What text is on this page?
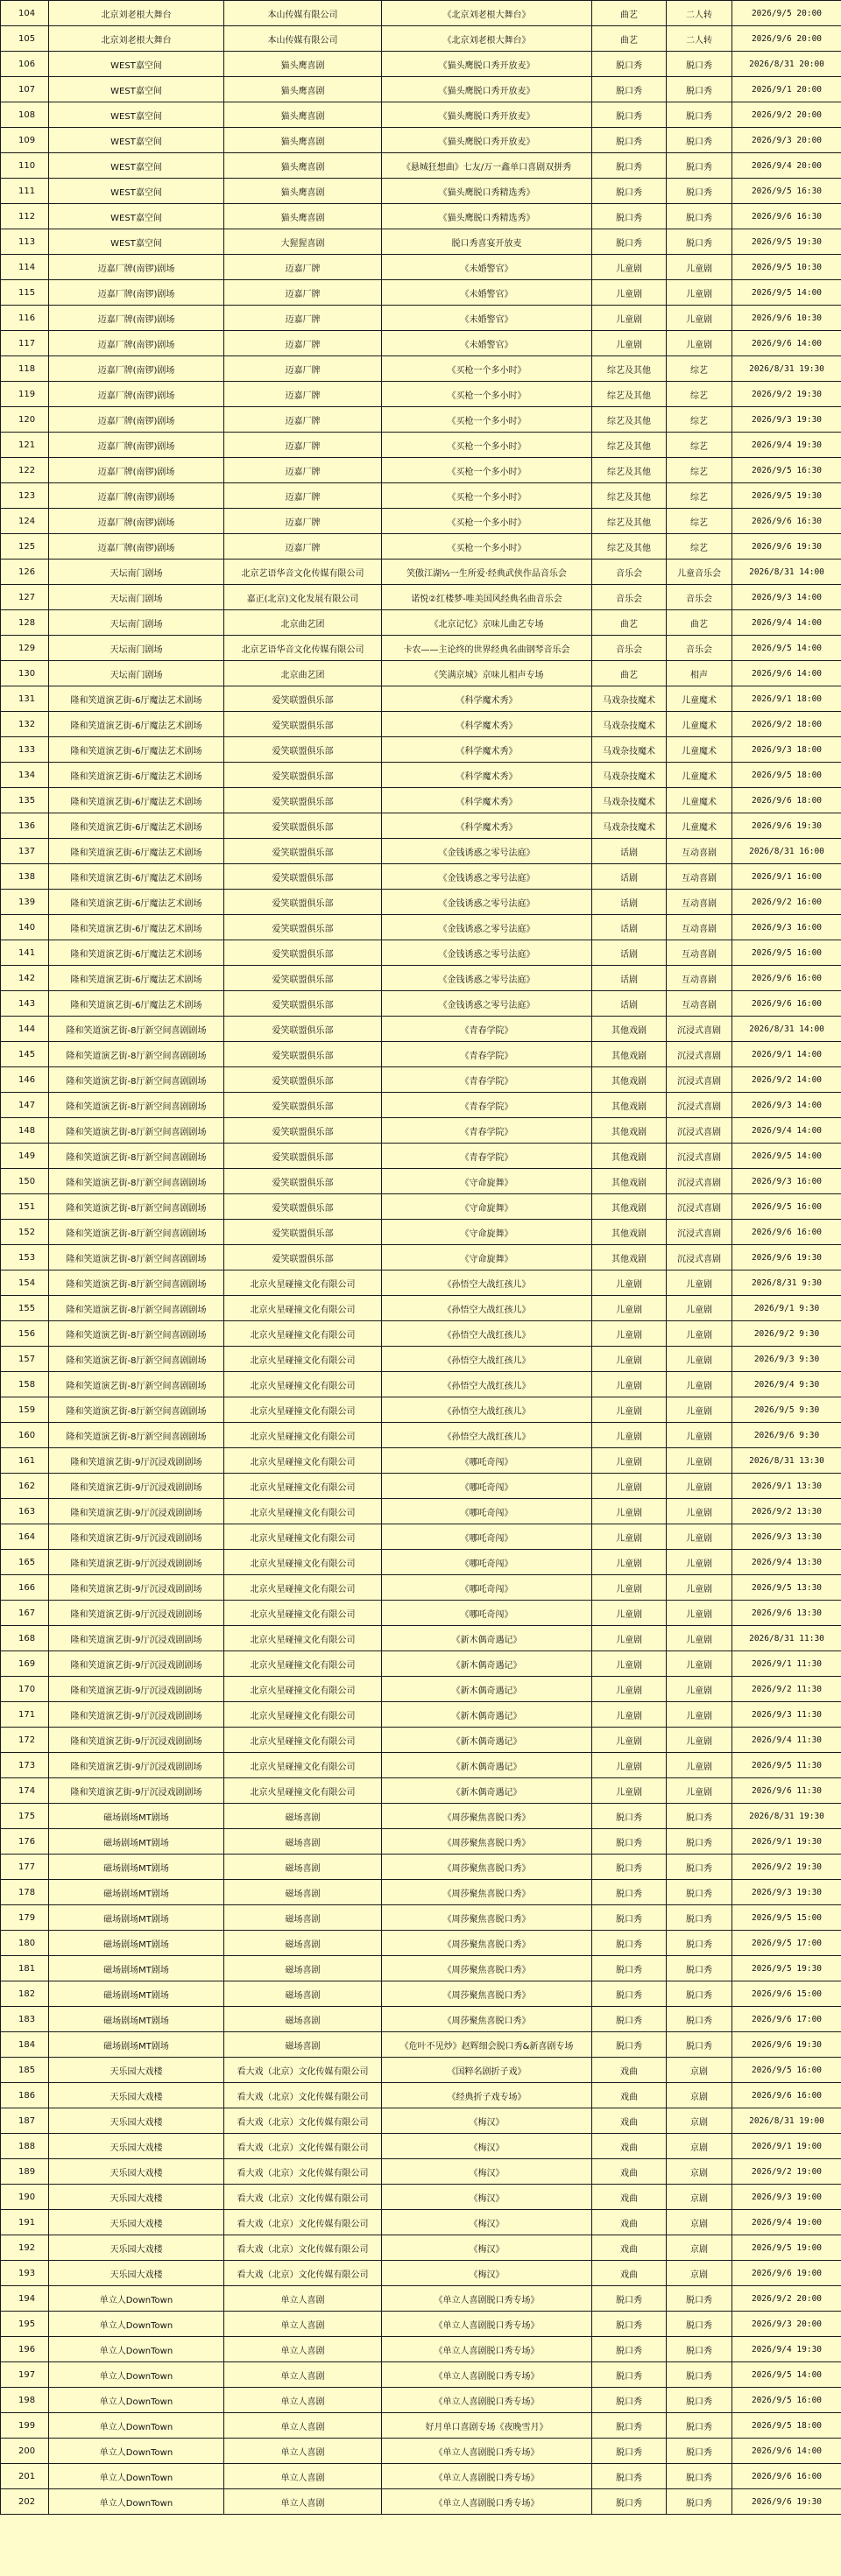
104	北京刘老根大舞台	本山传媒有限公司	《北京刘老根大舞台》	曲艺	二人转	2026/9/5 20:00
105	北京刘老根大舞台	本山传媒有限公司	《北京刘老根大舞台》	曲艺	二人转	2026/9/6 20:00
106	WEST嘉空间	猫头鹰喜剧	《猫头鹰脱口秀开放麦》	脱口秀	脱口秀	2026/8/31 20:00
107	WEST嘉空间	猫头鹰喜剧	《猫头鹰脱口秀开放麦》	脱口秀	脱口秀	2026/9/1 20:00
108	WEST嘉空间	猫头鹰喜剧	《猫头鹰脱口秀开放麦》	脱口秀	脱口秀	2026/9/2 20:00
109	WEST嘉空间	猫头鹰喜剧	《猫头鹰脱口秀开放麦》	脱口秀	脱口秀	2026/9/3 20:00
110	WEST嘉空间	猫头鹰喜剧	《悬城狂想曲》七友/万一鑫单口喜剧双拼秀	脱口秀	脱口秀	2026/9/4 20:00
111	WEST嘉空间	猫头鹰喜剧	《猫头鹰脱口秀精选秀》	脱口秀	脱口秀	2026/9/5 16:30
112	WEST嘉空间	猫头鹰喜剧	《猫头鹰脱口秀精选秀》	脱口秀	脱口秀	2026/9/6 16:30
113	WEST嘉空间	大猩猩喜剧	脱口秀喜宴开放麦	脱口秀	脱口秀	2026/9/5 19:30
114	迈嘉厂牌(南锣)剧场	迈嘉厂牌	《未婚警官》	儿童剧	儿童剧	2026/9/5 10:30
115	迈嘉厂牌(南锣)剧场	迈嘉厂牌	《未婚警官》	儿童剧	儿童剧	2026/9/5 14:00
116	迈嘉厂牌(南锣)剧场	迈嘉厂牌	《未婚警官》	儿童剧	儿童剧	2026/9/6 10:30
117	迈嘉厂牌(南锣)剧场	迈嘉厂牌	《未婚警官》	儿童剧	儿童剧	2026/9/6 14:00
118	迈嘉厂牌(南锣)剧场	迈嘉厂牌	《买枪一个多小时》	综艺及其他	综艺	2026/8/31 19:30
119	迈嘉厂牌(南锣)剧场	迈嘉厂牌	《买枪一个多小时》	综艺及其他	综艺	2026/9/2 19:30
120	迈嘉厂牌(南锣)剧场	迈嘉厂牌	《买枪一个多小时》	综艺及其他	综艺	2026/9/3 19:30
121	迈嘉厂牌(南锣)剧场	迈嘉厂牌	《买枪一个多小时》	综艺及其他	综艺	2026/9/4 19:30
122	迈嘉厂牌(南锣)剧场	迈嘉厂牌	《买枪一个多小时》	综艺及其他	综艺	2026/9/5 16:30
123	迈嘉厂牌(南锣)剧场	迈嘉厂牌	《买枪一个多小时》	综艺及其他	综艺	2026/9/5 19:30
124	迈嘉厂牌(南锣)剧场	迈嘉厂牌	《买枪一个多小时》	综艺及其他	综艺	2026/9/6 16:30
125	迈嘉厂牌(南锣)剧场	迈嘉厂牌	《买枪一个多小时》	综艺及其他	综艺	2026/9/6 19:30
126	天坛南门剧场	北京艺语华音文化传媒有限公司	笑傲江湖½一生所爱·经典武侠作品音乐会	音乐会	儿童音乐会	2026/8/31 14:00
127	天坛南门剧场	嘉正(北京)文化发展有限公司	诺悦②红楼梦-唯美国风经典名曲音乐会	音乐会	音乐会	2026/9/3 14:00
128	天坛南门剧场	北京曲艺团	《北京记忆》京味儿曲艺专场	曲艺	曲艺	2026/9/4 14:00
129	天坛南门剧场	北京艺语华音文化传媒有限公司	卡农——主论终的世界经典名曲钢琴音乐会	音乐会	音乐会	2026/9/5 14:00
130	天坛南门剧场	北京曲艺团	《笑满京城》京味儿相声专场	曲艺	相声	2026/9/6 14:00
131	隆和笑道演艺街-6厅魔法艺术剧场	爱笑联盟俱乐部	《科学魔术秀》	马戏杂技魔术	儿童魔术	2026/9/1 18:00
132	隆和笑道演艺街-6厅魔法艺术剧场	爱笑联盟俱乐部	《科学魔术秀》	马戏杂技魔术	儿童魔术	2026/9/2 18:00
133	隆和笑道演艺街-6厅魔法艺术剧场	爱笑联盟俱乐部	《科学魔术秀》	马戏杂技魔术	儿童魔术	2026/9/3 18:00
134	隆和笑道演艺街-6厅魔法艺术剧场	爱笑联盟俱乐部	《科学魔术秀》	马戏杂技魔术	儿童魔术	2026/9/5 18:00
135	隆和笑道演艺街-6厅魔法艺术剧场	爱笑联盟俱乐部	《科学魔术秀》	马戏杂技魔术	儿童魔术	2026/9/6 18:00
136	隆和笑道演艺街-6厅魔法艺术剧场	爱笑联盟俱乐部	《科学魔术秀》	马戏杂技魔术	儿童魔术	2026/9/6 19:30
137	隆和笑道演艺街-6厅魔法艺术剧场	爱笑联盟俱乐部	《金钱诱惑之零号法庭》	话剧	互动喜剧	2026/8/31 16:00
138	隆和笑道演艺街-6厅魔法艺术剧场	爱笑联盟俱乐部	《金钱诱惑之零号法庭》	话剧	互动喜剧	2026/9/1 16:00
139	隆和笑道演艺街-6厅魔法艺术剧场	爱笑联盟俱乐部	《金钱诱惑之零号法庭》	话剧	互动喜剧	2026/9/2 16:00
140	隆和笑道演艺街-6厅魔法艺术剧场	爱笑联盟俱乐部	《金钱诱惑之零号法庭》	话剧	互动喜剧	2026/9/3 16:00
141	隆和笑道演艺街-6厅魔法艺术剧场	爱笑联盟俱乐部	《金钱诱惑之零号法庭》	话剧	互动喜剧	2026/9/5 16:00
142	隆和笑道演艺街-6厅魔法艺术剧场	爱笑联盟俱乐部	《金钱诱惑之零号法庭》	话剧	互动喜剧	2026/9/6 16:00
143	隆和笑道演艺街-6厅魔法艺术剧场	爱笑联盟俱乐部	《金钱诱惑之零号法庭》	话剧	互动喜剧	2026/9/6 16:00
144	隆和笑道演艺街-8厅新空间喜剧剧场	爱笑联盟俱乐部	《青春学院》	其他戏剧	沉浸式喜剧	2026/8/31 14:00
145	隆和笑道演艺街-8厅新空间喜剧剧场	爱笑联盟俱乐部	《青春学院》	其他戏剧	沉浸式喜剧	2026/9/1 14:00
146	隆和笑道演艺街-8厅新空间喜剧剧场	爱笑联盟俱乐部	《青春学院》	其他戏剧	沉浸式喜剧	2026/9/2 14:00
147	隆和笑道演艺街-8厅新空间喜剧剧场	爱笑联盟俱乐部	《青春学院》	其他戏剧	沉浸式喜剧	2026/9/3 14:00
148	隆和笑道演艺街-8厅新空间喜剧剧场	爱笑联盟俱乐部	《青春学院》	其他戏剧	沉浸式喜剧	2026/9/4 14:00
149	隆和笑道演艺街-8厅新空间喜剧剧场	爱笑联盟俱乐部	《青春学院》	其他戏剧	沉浸式喜剧	2026/9/5 14:00
150	隆和笑道演艺街-8厅新空间喜剧剧场	爱笑联盟俱乐部	《守命旋舞》	其他戏剧	沉浸式喜剧	2026/9/3 16:00
151	隆和笑道演艺街-8厅新空间喜剧剧场	爱笑联盟俱乐部	《守命旋舞》	其他戏剧	沉浸式喜剧	2026/9/5 16:00
152	隆和笑道演艺街-8厅新空间喜剧剧场	爱笑联盟俱乐部	《守命旋舞》	其他戏剧	沉浸式喜剧	2026/9/6 16:00
153	隆和笑道演艺街-8厅新空间喜剧剧场	爱笑联盟俱乐部	《守命旋舞》	其他戏剧	沉浸式喜剧	2026/9/6 19:30
154	隆和笑道演艺街-8厅新空间喜剧剧场	北京火星碰撞文化有限公司	《孙悟空大战红孩儿》	儿童剧	儿童剧	2026/8/31 9:30
155	隆和笑道演艺街-8厅新空间喜剧剧场	北京火星碰撞文化有限公司	《孙悟空大战红孩儿》	儿童剧	儿童剧	2026/9/1 9:30
156	隆和笑道演艺街-8厅新空间喜剧剧场	北京火星碰撞文化有限公司	《孙悟空大战红孩儿》	儿童剧	儿童剧	2026/9/2 9:30
157	隆和笑道演艺街-8厅新空间喜剧剧场	北京火星碰撞文化有限公司	《孙悟空大战红孩儿》	儿童剧	儿童剧	2026/9/3 9:30
158	隆和笑道演艺街-8厅新空间喜剧剧场	北京火星碰撞文化有限公司	《孙悟空大战红孩儿》	儿童剧	儿童剧	2026/9/4 9:30
159	隆和笑道演艺街-8厅新空间喜剧剧场	北京火星碰撞文化有限公司	《孙悟空大战红孩儿》	儿童剧	儿童剧	2026/9/5 9:30
160	隆和笑道演艺街-8厅新空间喜剧剧场	北京火星碰撞文化有限公司	《孙悟空大战红孩儿》	儿童剧	儿童剧	2026/9/6 9:30
161	隆和笑道演艺街-9厅沉浸戏剧剧场	北京火星碰撞文化有限公司	《哪吒奇闯》	儿童剧	儿童剧	2026/8/31 13:30
162	隆和笑道演艺街-9厅沉浸戏剧剧场	北京火星碰撞文化有限公司	《哪吒奇闯》	儿童剧	儿童剧	2026/9/1 13:30
163	隆和笑道演艺街-9厅沉浸戏剧剧场	北京火星碰撞文化有限公司	《哪吒奇闯》	儿童剧	儿童剧	2026/9/2 13:30
164	隆和笑道演艺街-9厅沉浸戏剧剧场	北京火星碰撞文化有限公司	《哪吒奇闯》	儿童剧	儿童剧	2026/9/3 13:30
165	隆和笑道演艺街-9厅沉浸戏剧剧场	北京火星碰撞文化有限公司	《哪吒奇闯》	儿童剧	儿童剧	2026/9/4 13:30
166	隆和笑道演艺街-9厅沉浸戏剧剧场	北京火星碰撞文化有限公司	《哪吒奇闯》	儿童剧	儿童剧	2026/9/5 13:30
167	隆和笑道演艺街-9厅沉浸戏剧剧场	北京火星碰撞文化有限公司	《哪吒奇闯》	儿童剧	儿童剧	2026/9/6 13:30
168	隆和笑道演艺街-9厅沉浸戏剧剧场	北京火星碰撞文化有限公司	《新木偶奇遇记》	儿童剧	儿童剧	2026/8/31 11:30
169	隆和笑道演艺街-9厅沉浸戏剧剧场	北京火星碰撞文化有限公司	《新木偶奇遇记》	儿童剧	儿童剧	2026/9/1 11:30
170	隆和笑道演艺街-9厅沉浸戏剧剧场	北京火星碰撞文化有限公司	《新木偶奇遇记》	儿童剧	儿童剧	2026/9/2 11:30
171	隆和笑道演艺街-9厅沉浸戏剧剧场	北京火星碰撞文化有限公司	《新木偶奇遇记》	儿童剧	儿童剧	2026/9/3 11:30
172	隆和笑道演艺街-9厅沉浸戏剧剧场	北京火星碰撞文化有限公司	《新木偶奇遇记》	儿童剧	儿童剧	2026/9/4 11:30
173	隆和笑道演艺街-9厅沉浸戏剧剧场	北京火星碰撞文化有限公司	《新木偶奇遇记》	儿童剧	儿童剧	2026/9/5 11:30
174	隆和笑道演艺街-9厅沉浸戏剧剧场	北京火星碰撞文化有限公司	《新木偶奇遇记》	儿童剧	儿童剧	2026/9/6 11:30
175	磁场剧场MT剧场	磁场喜剧	《周莎聚焦喜脱口秀》	脱口秀	脱口秀	2026/8/31 19:30
176	磁场剧场MT剧场	磁场喜剧	《周莎聚焦喜脱口秀》	脱口秀	脱口秀	2026/9/1 19:30
177	磁场剧场MT剧场	磁场喜剧	《周莎聚焦喜脱口秀》	脱口秀	脱口秀	2026/9/2 19:30
178	磁场剧场MT剧场	磁场喜剧	《周莎聚焦喜脱口秀》	脱口秀	脱口秀	2026/9/3 19:30
179	磁场剧场MT剧场	磁场喜剧	《周莎聚焦喜脱口秀》	脱口秀	脱口秀	2026/9/5 15:00
180	磁场剧场MT剧场	磁场喜剧	《周莎聚焦喜脱口秀》	脱口秀	脱口秀	2026/9/5 17:00
181	磁场剧场MT剧场	磁场喜剧	《周莎聚焦喜脱口秀》	脱口秀	脱口秀	2026/9/5 19:30
182	磁场剧场MT剧场	磁场喜剧	《周莎聚焦喜脱口秀》	脱口秀	脱口秀	2026/9/6 15:00
183	磁场剧场MT剧场	磁场喜剧	《周莎聚焦喜脱口秀》	脱口秀	脱口秀	2026/9/6 17:00
184	磁场剧场MT剧场	磁场喜剧	《危叶不见炒》赵辉细会脱口秀&新喜剧专场	脱口秀	脱口秀	2026/9/6 19:30
185	天乐园大戏楼	看大戏（北京）文化传媒有限公司	《国粹名剧折子戏》	戏曲	京剧	2026/9/5 16:00
186	天乐园大戏楼	看大戏（北京）文化传媒有限公司	《经典折子戏专场》	戏曲	京剧	2026/9/6 16:00
187	天乐园大戏楼	看大戏（北京）文化传媒有限公司	《梅汉》	戏曲	京剧	2026/8/31 19:00
188	天乐园大戏楼	看大戏（北京）文化传媒有限公司	《梅汉》	戏曲	京剧	2026/9/1 19:00
189	天乐园大戏楼	看大戏（北京）文化传媒有限公司	《梅汉》	戏曲	京剧	2026/9/2 19:00
190	天乐园大戏楼	看大戏（北京）文化传媒有限公司	《梅汉》	戏曲	京剧	2026/9/3 19:00
191	天乐园大戏楼	看大戏（北京）文化传媒有限公司	《梅汉》	戏曲	京剧	2026/9/4 19:00
192	天乐园大戏楼	看大戏（北京）文化传媒有限公司	《梅汉》	戏曲	京剧	2026/9/5 19:00
193	天乐园大戏楼	看大戏（北京）文化传媒有限公司	《梅汉》	戏曲	京剧	2026/9/6 19:00
194	单立人DownTown	单立人喜剧	《单立人喜剧脱口秀专场》	脱口秀	脱口秀	2026/9/2 20:00
195	单立人DownTown	单立人喜剧	《单立人喜剧脱口秀专场》	脱口秀	脱口秀	2026/9/3 20:00
196	单立人DownTown	单立人喜剧	《单立人喜剧脱口秀专场》	脱口秀	脱口秀	2026/9/4 19:30
197	单立人DownTown	单立人喜剧	《单立人喜剧脱口秀专场》	脱口秀	脱口秀	2026/9/5 14:00
198	单立人DownTown	单立人喜剧	《单立人喜剧脱口秀专场》	脱口秀	脱口秀	2026/9/5 16:00
199	单立人DownTown	单立人喜剧	好月单口喜剧专场《夜晚雪月》	脱口秀	脱口秀	2026/9/5 18:00
200	单立人DownTown	单立人喜剧	《单立人喜剧脱口秀专场》	脱口秀	脱口秀	2026/9/6 14:00
201	单立人DownTown	单立人喜剧	《单立人喜剧脱口秀专场》	脱口秀	脱口秀	2026/9/6 16:00
202	单立人DownTown	单立人喜剧	《单立人喜剧脱口秀专场》	脱口秀	脱口秀	2026/9/6 19:30
